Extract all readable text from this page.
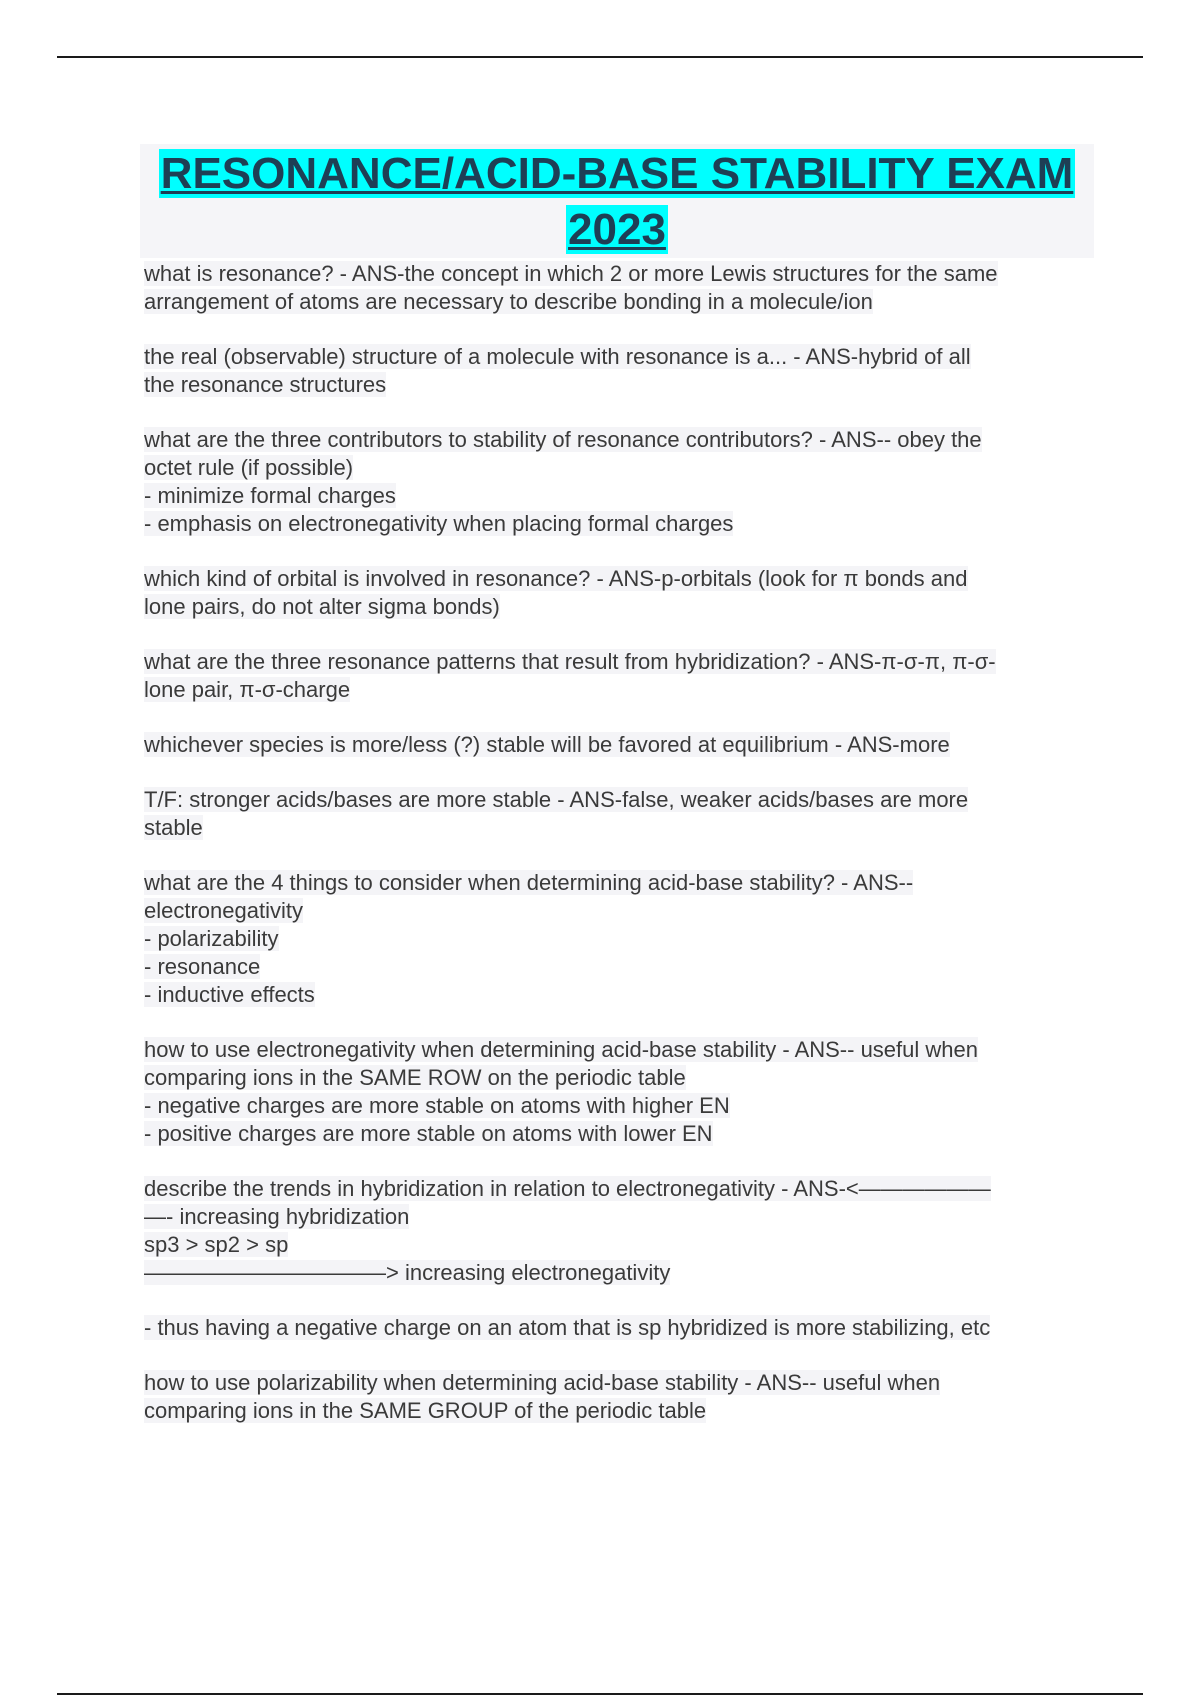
RESONANCE/ACID-BASE STABILITY EXAM 2023
what is resonance? - ANS-the concept in which 2 or more Lewis structures for the same
arrangement of atoms are necessary to describe bonding in a molecule/ion
the real (observable) structure of a molecule with resonance is a... - ANS-hybrid of all
the resonance structures
what are the three contributors to stability of resonance contributors? - ANS-- obey the
octet rule (if possible)
- minimize formal charges
- emphasis on electronegativity when placing formal charges
which kind of orbital is involved in resonance? - ANS-p-orbitals (look for π bonds and
lone pairs, do not alter sigma bonds)
what are the three resonance patterns that result from hybridization? - ANS-π-σ-π, π-σ-
lone pair, π-σ-charge
whichever species is more/less (?) stable will be favored at equilibrium - ANS-more
T/F: stronger acids/bases are more stable - ANS-false, weaker acids/bases are more
stable
what are the 4 things to consider when determining acid-base stability? - ANS--
electronegativity
- polarizability
- resonance
- inductive effects
how to use electronegativity when determining acid-base stability - ANS-- useful when
comparing ions in the SAME ROW on the periodic table
- negative charges are more stable on atoms with higher EN
- positive charges are more stable on atoms with lower EN
describe the trends in hybridization in relation to electronegativity - ANS-<——————
—- increasing hybridization
sp3 > sp2 > sp
———————————> increasing electronegativity
- thus having a negative charge on an atom that is sp hybridized is more stabilizing, etc
how to use polarizability when determining acid-base stability - ANS-- useful when
comparing ions in the SAME GROUP of the periodic table
